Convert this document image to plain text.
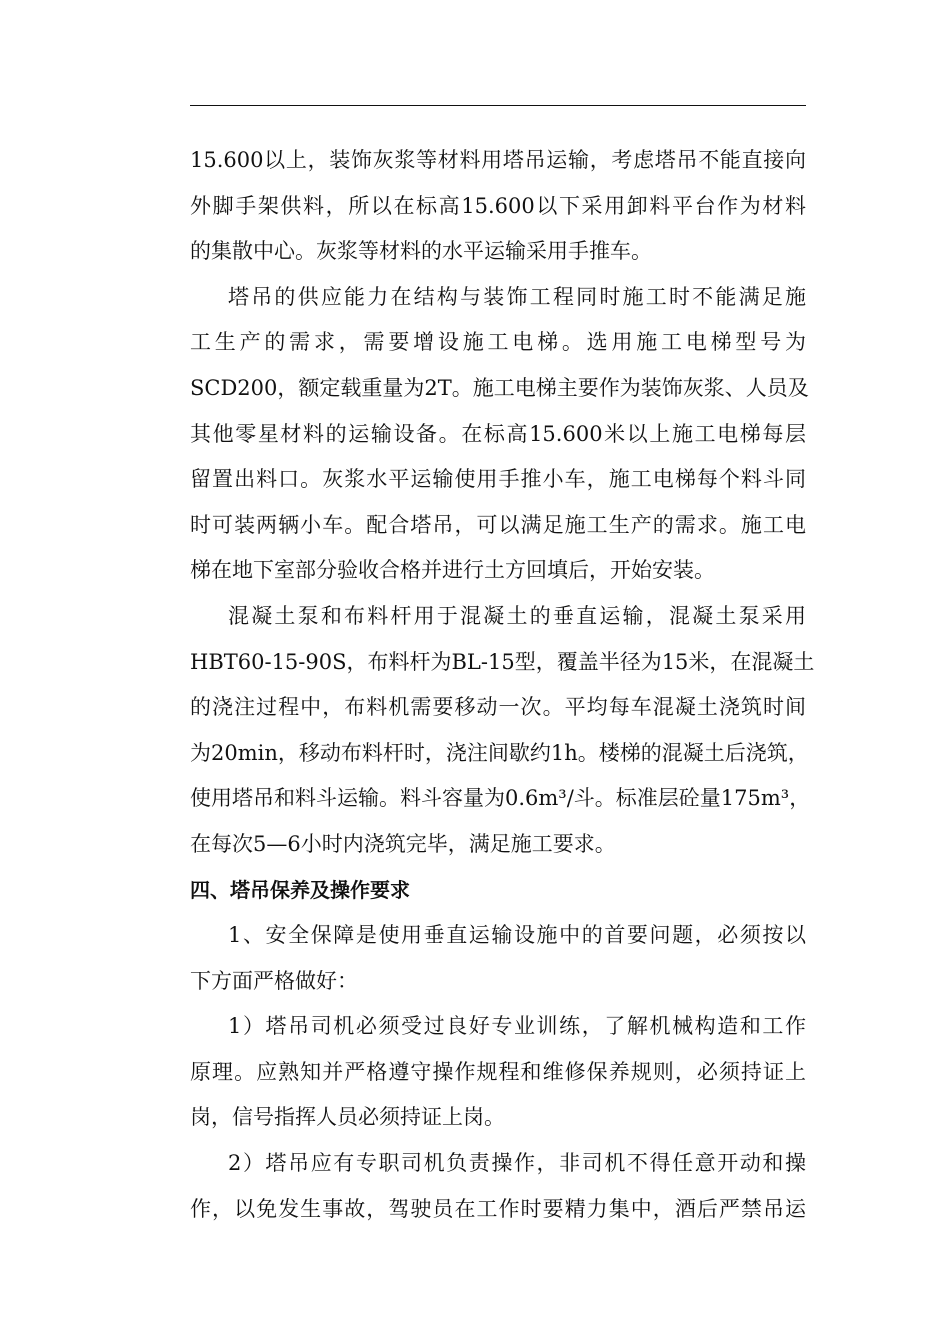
15.600以上，装饰灰浆等材料用塔吊运输，考虑塔吊不能直接向
外脚手架供料，所以在标高15.600以下采用卸料平台作为材料
的集散中心。灰浆等材料的水平运输采用手推车。
塔吊的供应能力在结构与装饰工程同时施工时不能满足施
工生产的需求，需要增设施工电梯。选用施工电梯型号为
SCD200，额定载重量为2T。施工电梯主要作为装饰灰浆、人员及
其他零星材料的运输设备。在标高15.600米以上施工电梯每层
留置出料口。灰浆水平运输使用手推小车，施工电梯每个料斗同
时可装两辆小车。配合塔吊，可以满足施工生产的需求。施工电
梯在地下室部分验收合格并进行土方回填后，开始安装。
混凝土泵和布料杆用于混凝土的垂直运输，混凝土泵采用
HBT60-15-90S，布料杆为BL-15型，覆盖半径为15米，在混凝土
的浇注过程中，布料机需要移动一次。平均每车混凝土浇筑时间
为20min，移动布料杆时，浇注间歇约1h。楼梯的混凝土后浇筑，
使用塔吊和料斗运输。料斗容量为0.6m³/斗。标准层砼量175m³，
在每次5—6小时内浇筑完毕，满足施工要求。
四、塔吊保养及操作要求
1、安全保障是使用垂直运输设施中的首要问题，必须按以
下方面严格做好：
1）塔吊司机必须受过良好专业训练，了解机械构造和工作
原理。应熟知并严格遵守操作规程和维修保养规则，必须持证上
岗，信号指挥人员必须持证上岗。
2）塔吊应有专职司机负责操作，非司机不得任意开动和操
作，以免发生事故，驾驶员在工作时要精力集中，酒后严禁吊运
